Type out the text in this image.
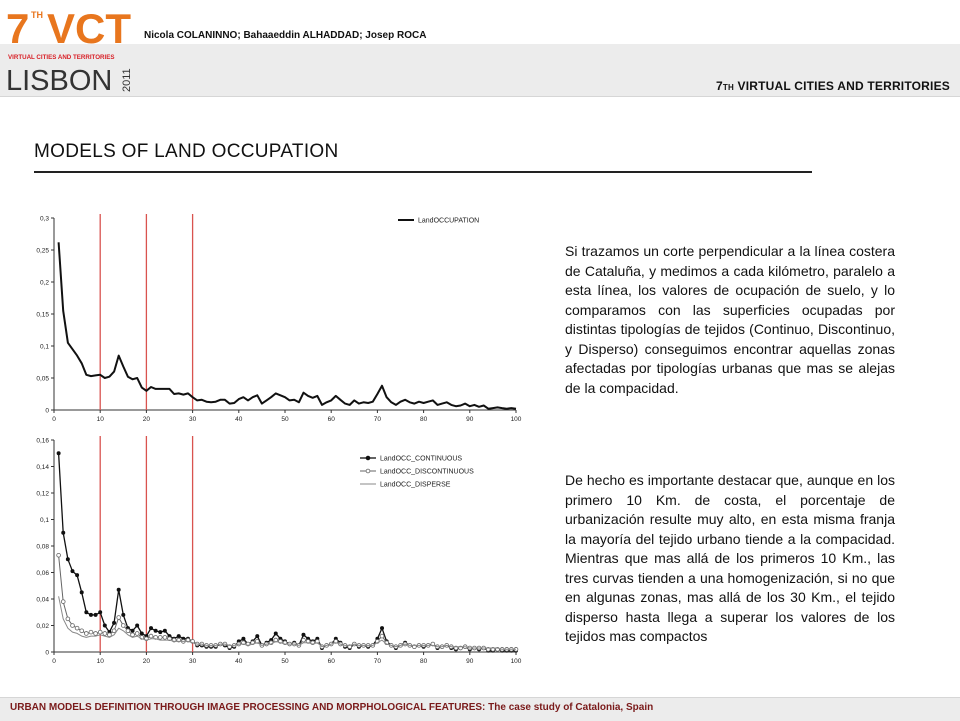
7 TH VCT
VIRTUAL CITIES AND TERRITORIES
LISBON 2011
Nicola COLANINNO; Bahaaeddin ALHADDAD; Josep ROCA
7TH VIRTUAL CITIES AND TERRITORIES
MODELS OF LAND OCCUPATION
0
0,05
0,1
0,15
0,2
0,25
0,3
0	10	20	30	40	50	60	70	80	90	100
LandOCCUPATION
0
0,02
0,04
0,06
0,08
0,1
0,12
0,14
0,16
0	10	20	30	40	50	60	70	80	90	100
LandOCC_CONTINUOUS
LandOCC_DISCONTINUOUS
LandOCC_DISPERSE
Si trazamos un corte perpendicular a la línea costera de Cataluña, y medimos a cada kilómetro, paralelo a esta línea, los valores de ocupación de suelo, y lo comparamos con las superficies ocupadas por distintas tipologías de tejidos (Continuo, Discontinuo, y Disperso) conseguimos encontrar aquellas zonas afectadas por tipologías urbanas que mas se alejas de la compacidad.
De hecho es importante destacar que, aunque en los primero 10 Km. de costa, el porcentaje de urbanización resulte muy alto, en esta misma franja la mayoría del tejido urbano tiende a la compacidad. Mientras que mas allá de los primeros 10 Km., las tres curvas tienden a una homogenización, si no que en algunas zonas, mas allá de los 30 Km., el tejido disperso hasta llega a superar los valores de los tejidos mas compactos
URBAN MODELS DEFINITION THROUGH IMAGE PROCESSING AND MORPHOLOGICAL FEATURES: The case study of Catalonia, Spain
